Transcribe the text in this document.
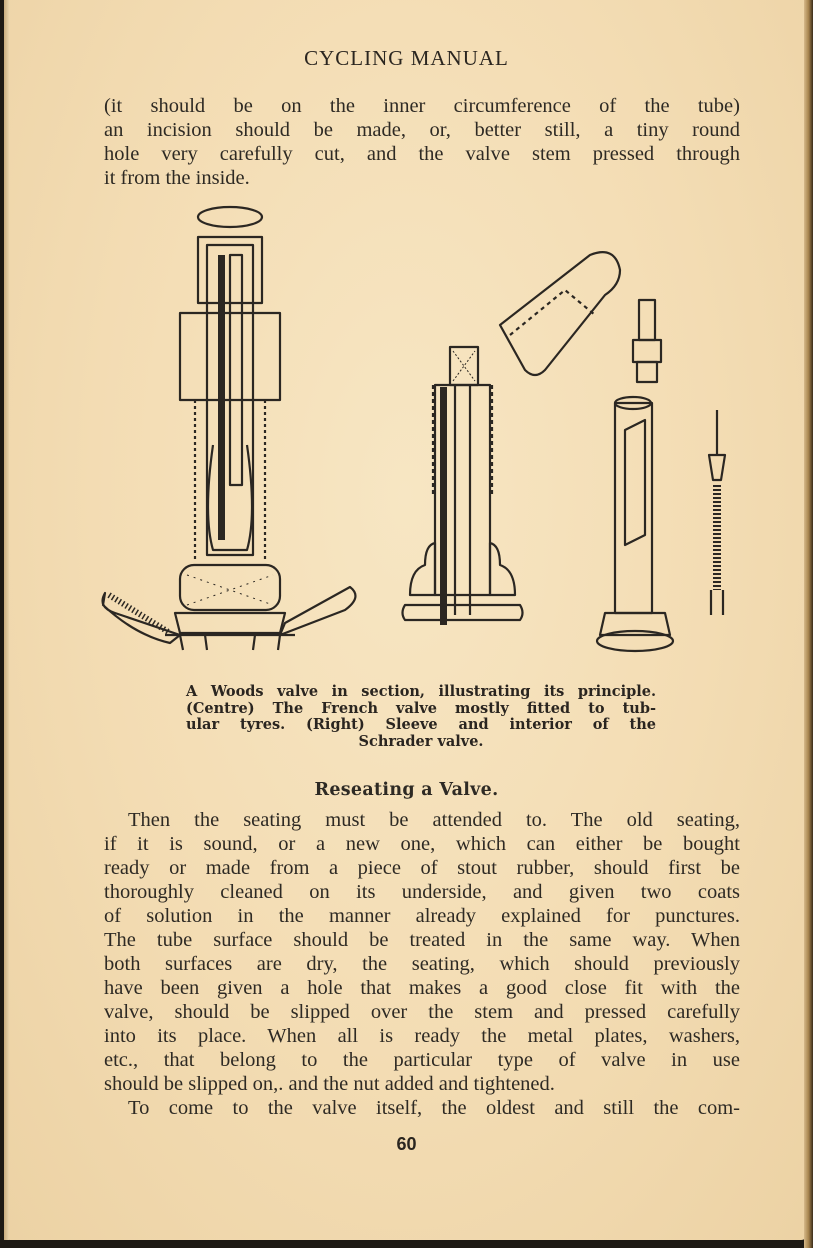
CYCLING MANUAL
(it should be on the inner circumference of the tube)
an incision should be made, or, better still, a tiny round
hole very carefully cut, and the valve stem pressed through
it from the inside.
A Woods valve in section, illustrating its principle.
(Centre) The French valve mostly fitted to tub-
ular tyres. (Right) Sleeve and interior of the
Schrader valve.
Reseating a Valve.
Then the seating must be attended to. The old seating,
if it is sound, or a new one, which can either be bought
ready or made from a piece of stout rubber, should first be
thoroughly cleaned on its underside, and given two coats
of solution in the manner already explained for punctures.
The tube surface should be treated in the same way. When
both surfaces are dry, the seating, which should previously
have been given a hole that makes a good close fit with the
valve, should be slipped over the stem and pressed carefully
into its place. When all is ready the metal plates, washers,
etc., that belong to the particular type of valve in use
should be slipped on,. and the nut added and tightened.
To come to the valve itself, the oldest and still the com-
60
